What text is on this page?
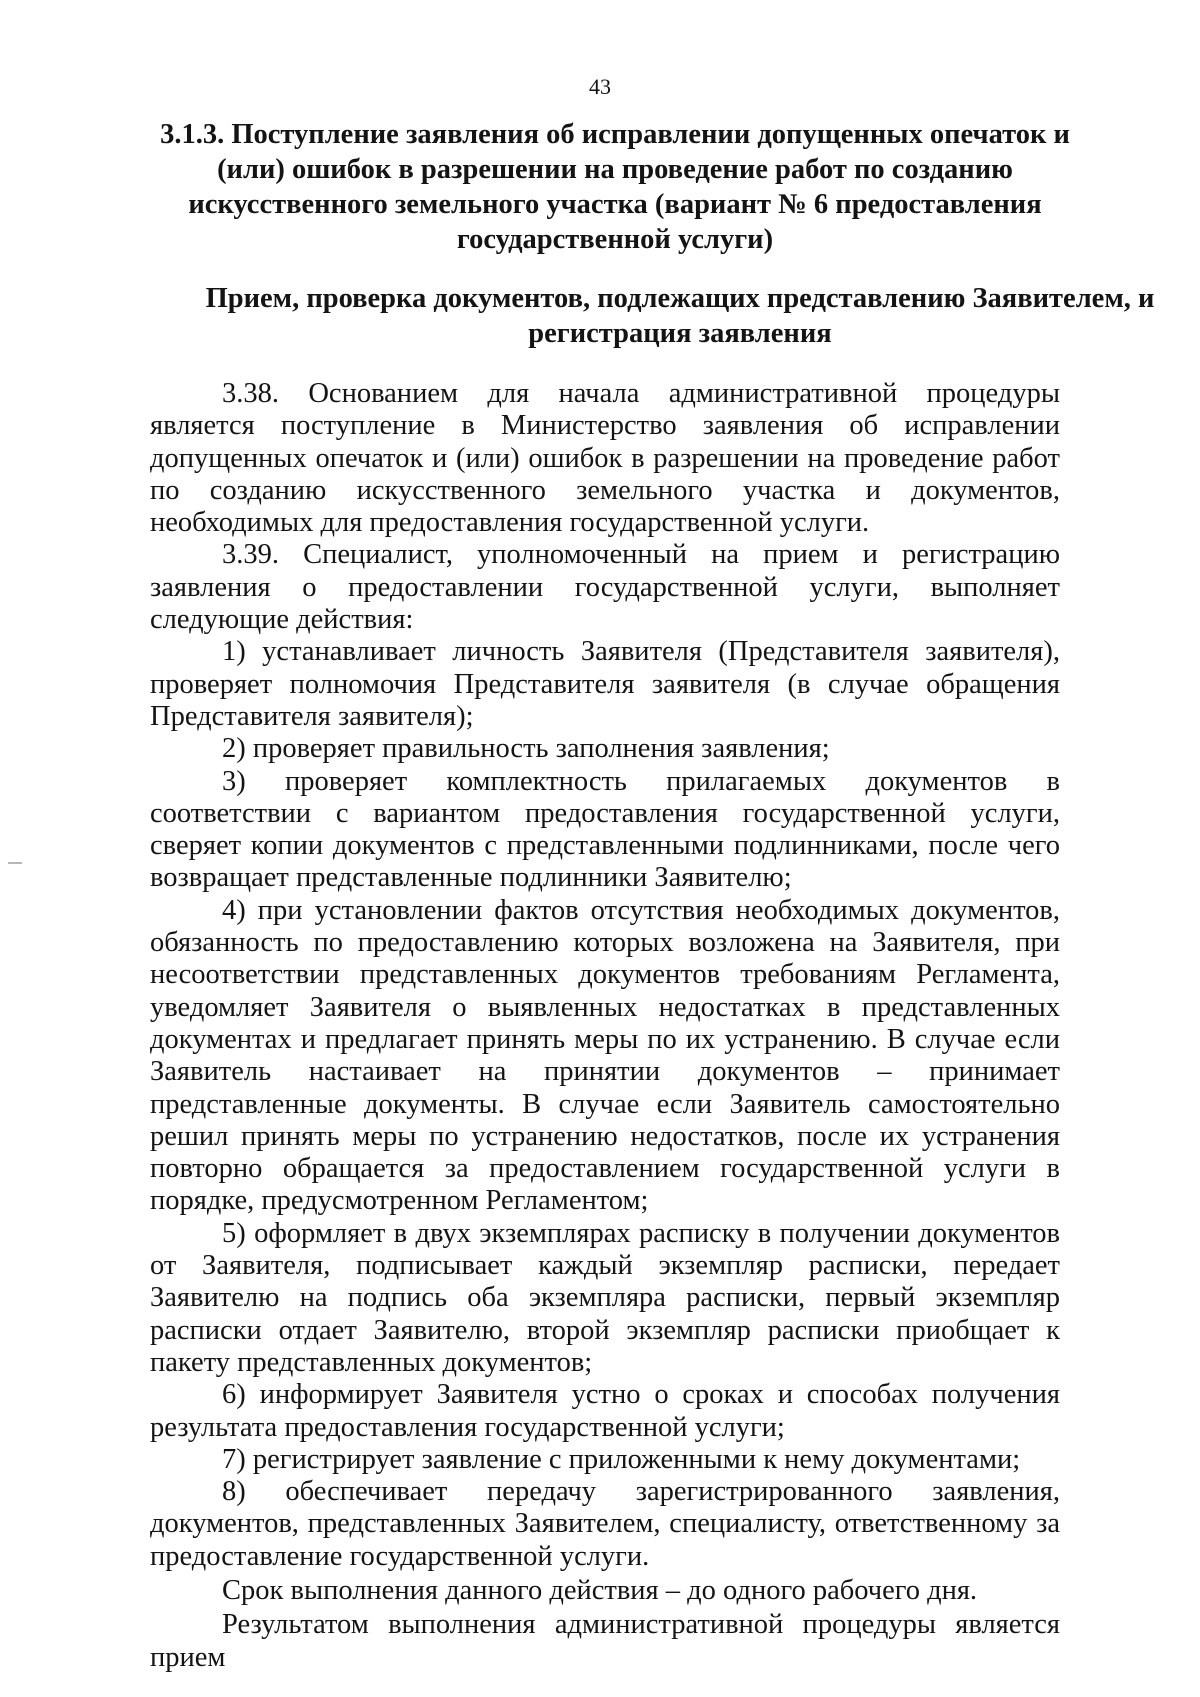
43
3.1.3. Поступление заявления об исправлении допущенных опечаток и (или) ошибок в разрешении на проведение работ по созданию искусственного земельного участка (вариант № 6 предоставления государственной услуги)
Прием, проверка документов, подлежащих представлению Заявителем, и регистрация заявления

3.38. Основанием для начала административной процедуры является поступление в Министерство заявления об исправлении допущенных опечаток и (или) ошибок в разрешении на проведение работ по созданию искусственного земельного участка и документов, необходимых для предоставления государственной услуги.

3.39. Специалист, уполномоченный на прием и регистрацию заявления о предоставлении государственной услуги, выполняет следующие действия:

1) устанавливает личность Заявителя (Представителя заявителя), проверяет полномочия Представителя заявителя (в случае обращения Представителя заявителя);

2) проверяет правильность заполнения заявления;

3) проверяет комплектность прилагаемых документов в соответствии с вариантом предоставления государственной услуги, сверяет копии документов с представленными подлинниками, после чего возвращает представленные подлинники Заявителю;

4) при установлении фактов отсутствия необходимых документов, обязанность по предоставлению которых возложена на Заявителя, при несоответствии представленных документов требованиям Регламента, уведомляет Заявителя о выявленных недостатках в представленных документах и предлагает принять меры по их устранению. В случае если Заявитель настаивает на принятии документов – принимает представленные документы. В случае если Заявитель самостоятельно решил принять меры по устранению недостатков, после их устранения повторно обращается за предоставлением государственной услуги в порядке, предусмотренном Регламентом;

5) оформляет в двух экземплярах расписку в получении документов от Заявителя, подписывает каждый экземпляр расписки, передает Заявителю на подпись оба экземпляра расписки, первый экземпляр расписки отдает Заявителю, второй экземпляр расписки приобщает к пакету представленных документов;

6) информирует Заявителя устно о сроках и способах получения результата предоставления государственной услуги;

7) регистрирует заявление с приложенными к нему документами;

8) обеспечивает передачу зарегистрированного заявления, документов, представленных Заявителем, специалисту, ответственному за предоставление государственной услуги.

Срок выполнения данного действия – до одного рабочего дня.

Результатом выполнения административной процедуры является прием
